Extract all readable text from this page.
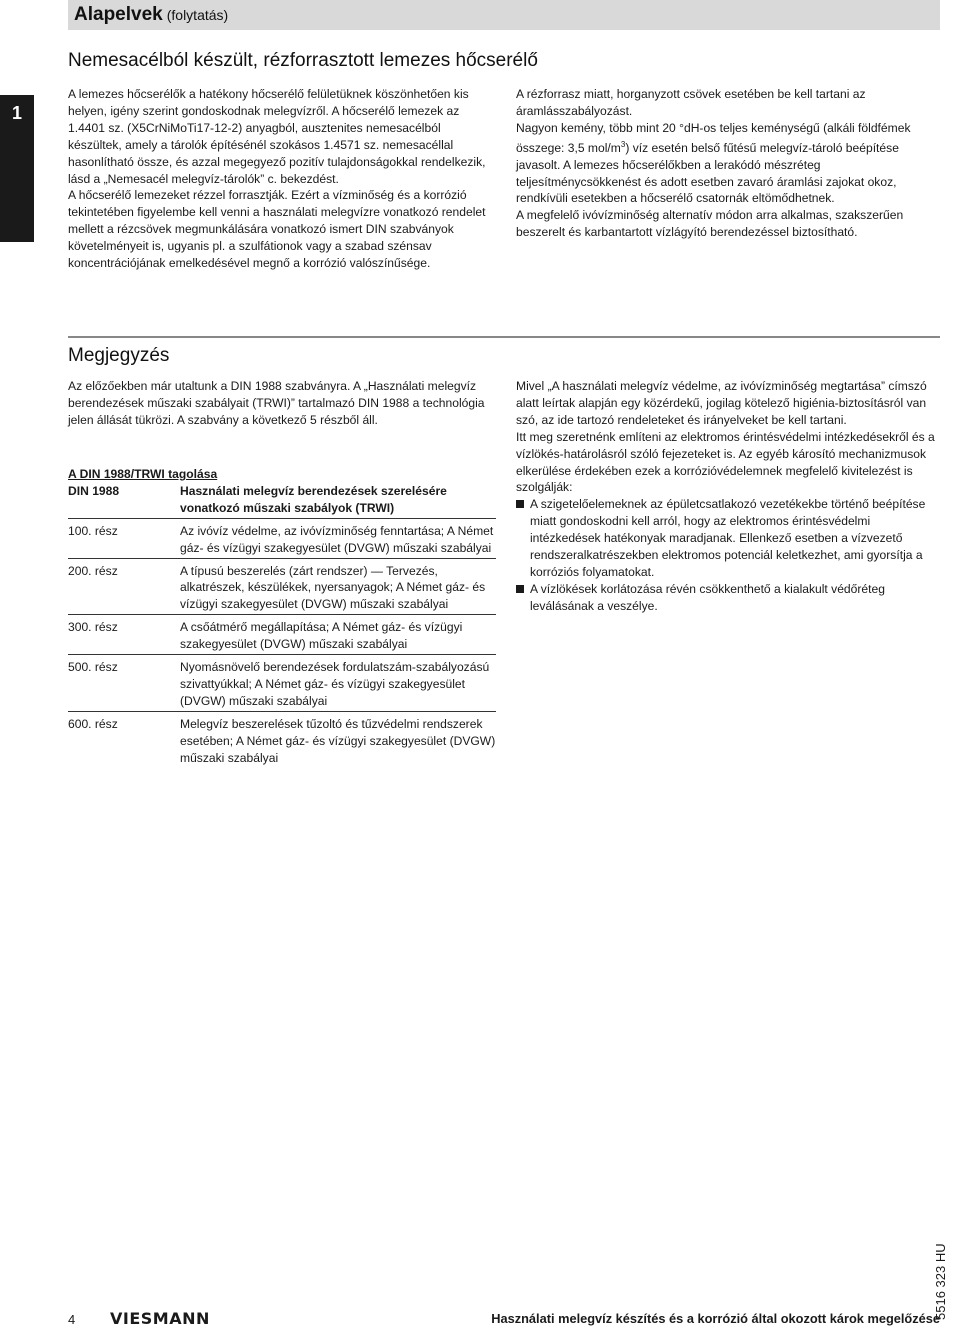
Alapelvek (folytatás)
1
Nemesacélból készült, rézforrasztott lemezes hőcserélő

A lemezes hőcserélők a hatékony hőcserélő felületüknek köszönhetően kis helyen, igény szerint gondoskodnak melegvízről. A hőcserélő lemezek az 1.4401 sz. (X5CrNiMoTi17-12-2) anyagból, ausztenites nemesacélból készültek, amely a tárolók építésénél szokásos 1.4571 sz. nemesacéllal hasonlítható össze, és azzal megegyező pozitív tulajdonságokkal rendelkezik, lásd a „Nemesacél melegvíz-tárolók” c. bekezdést.

A hőcserélő lemezeket rézzel forrasztják. Ezért a vízminőség és a korrózió tekintetében figyelembe kell venni a használati melegvízre vonatkozó rendelet mellett a rézcsövek megmunkálására vonatkozó ismert DIN szabványok követelményeit is, ugyanis pl. a szulfátionok vagy a szabad szénsav koncentrációjának emelkedésével megnő a korrózió valószínűsége.

A rézforrasz miatt, horganyzott csövek esetében be kell tartani az áramlásszabályozást.

Nagyon kemény, több mint 20 °dH-os teljes keménységű (alkáli földfémek összege: 3,5 mol/$m^3$) víz esetén belső fűtésű melegvíz-tároló beépítése javasolt. A lemezes hőcserélőkben a lerakódó mészréteg teljesítménycsökkenést és adott esetben zavaró áramlási zajokat okoz, rendkívüli esetekben a hőcserélő csatornák eltömődhetnek.

A megfelelő ivóvízminőség alternatív módon arra alkalmas, szakszerűen beszerelt és karbantartott vízlágyító berendezéssel biztosítható.

Megjegyzés
Az előzőekben már utaltunk a DIN 1988 szabványra. A „Használati melegvíz berendezések műszaki szabályait (TRWI)” tartalmazó DIN 1988 a technológia jelen állását tükrözi. A szabvány a következő 5 részből áll.
A DIN 1988/TRWI tagolása
DIN 1988	Használati melegvíz berendezések szerelésére vonatkozó műszaki szabályok (TRWI)
100. rész	Az ivóvíz védelme, az ivóvízminőség fenntartása; A Német gáz- és vízügyi szakegyesület (DVGW) műszaki szabályai
200. rész	A típusú beszerelés (zárt rendszer) ― Tervezés, alkatrészek, készülékek, nyersanyagok; A Német gáz- és vízügyi szakegyesület (DVGW) műszaki szabályai
300. rész	A csőátmérő megállapítása; A Német gáz- és vízügyi szakegyesület (DVGW) műszaki szabályai
500. rész	Nyomásnövelő berendezések fordulatszám-szabályozású szivattyúkkal; A Német gáz- és vízügyi szakegyesület (DVGW) műszaki szabályai
600. rész	Melegvíz beszerelések tűzoltó és tűzvédelmi rendszerek esetében; A Német gáz- és vízügyi szakegyesület (DVGW) műszaki szabályai

Mivel „A használati melegvíz védelme, az ivóvízminőség megtartása” címszó alatt leírtak alapján egy közérdekű, jogilag kötelező higiénia-biztosításról van szó, az ide tartozó rendeleteket és irányelveket be kell tartani.

Itt meg szeretnénk említeni az elektromos érintésvédelmi intézkedésekről és a vízlökés-határolásról szóló fejezeteket is. Az egyéb károsító mechanizmusok elkerülése érdekében ezek a korrózióvédelemnek megfelelő kivitelezést is szolgálják:

A szigetelőelemeknek az épületcsatlakozó vezetékekbe történő beépítése miatt gondoskodni kell arról, hogy az elektromos érintésvédelmi intézkedések hatékonyak maradjanak. Ellenkező esetben a vízvezető rendszeralkatrészekben elektromos potenciál keletkezhet, ami gyorsítja a korróziós folyamatokat.
A vízlökések korlátozása révén csökkenthető a kialakult védőréteg leválásának a veszélye.
5516 323 HU
4 VIESMANN	Használati melegvíz készítés és a korrózió által okozott károk megelőzése
